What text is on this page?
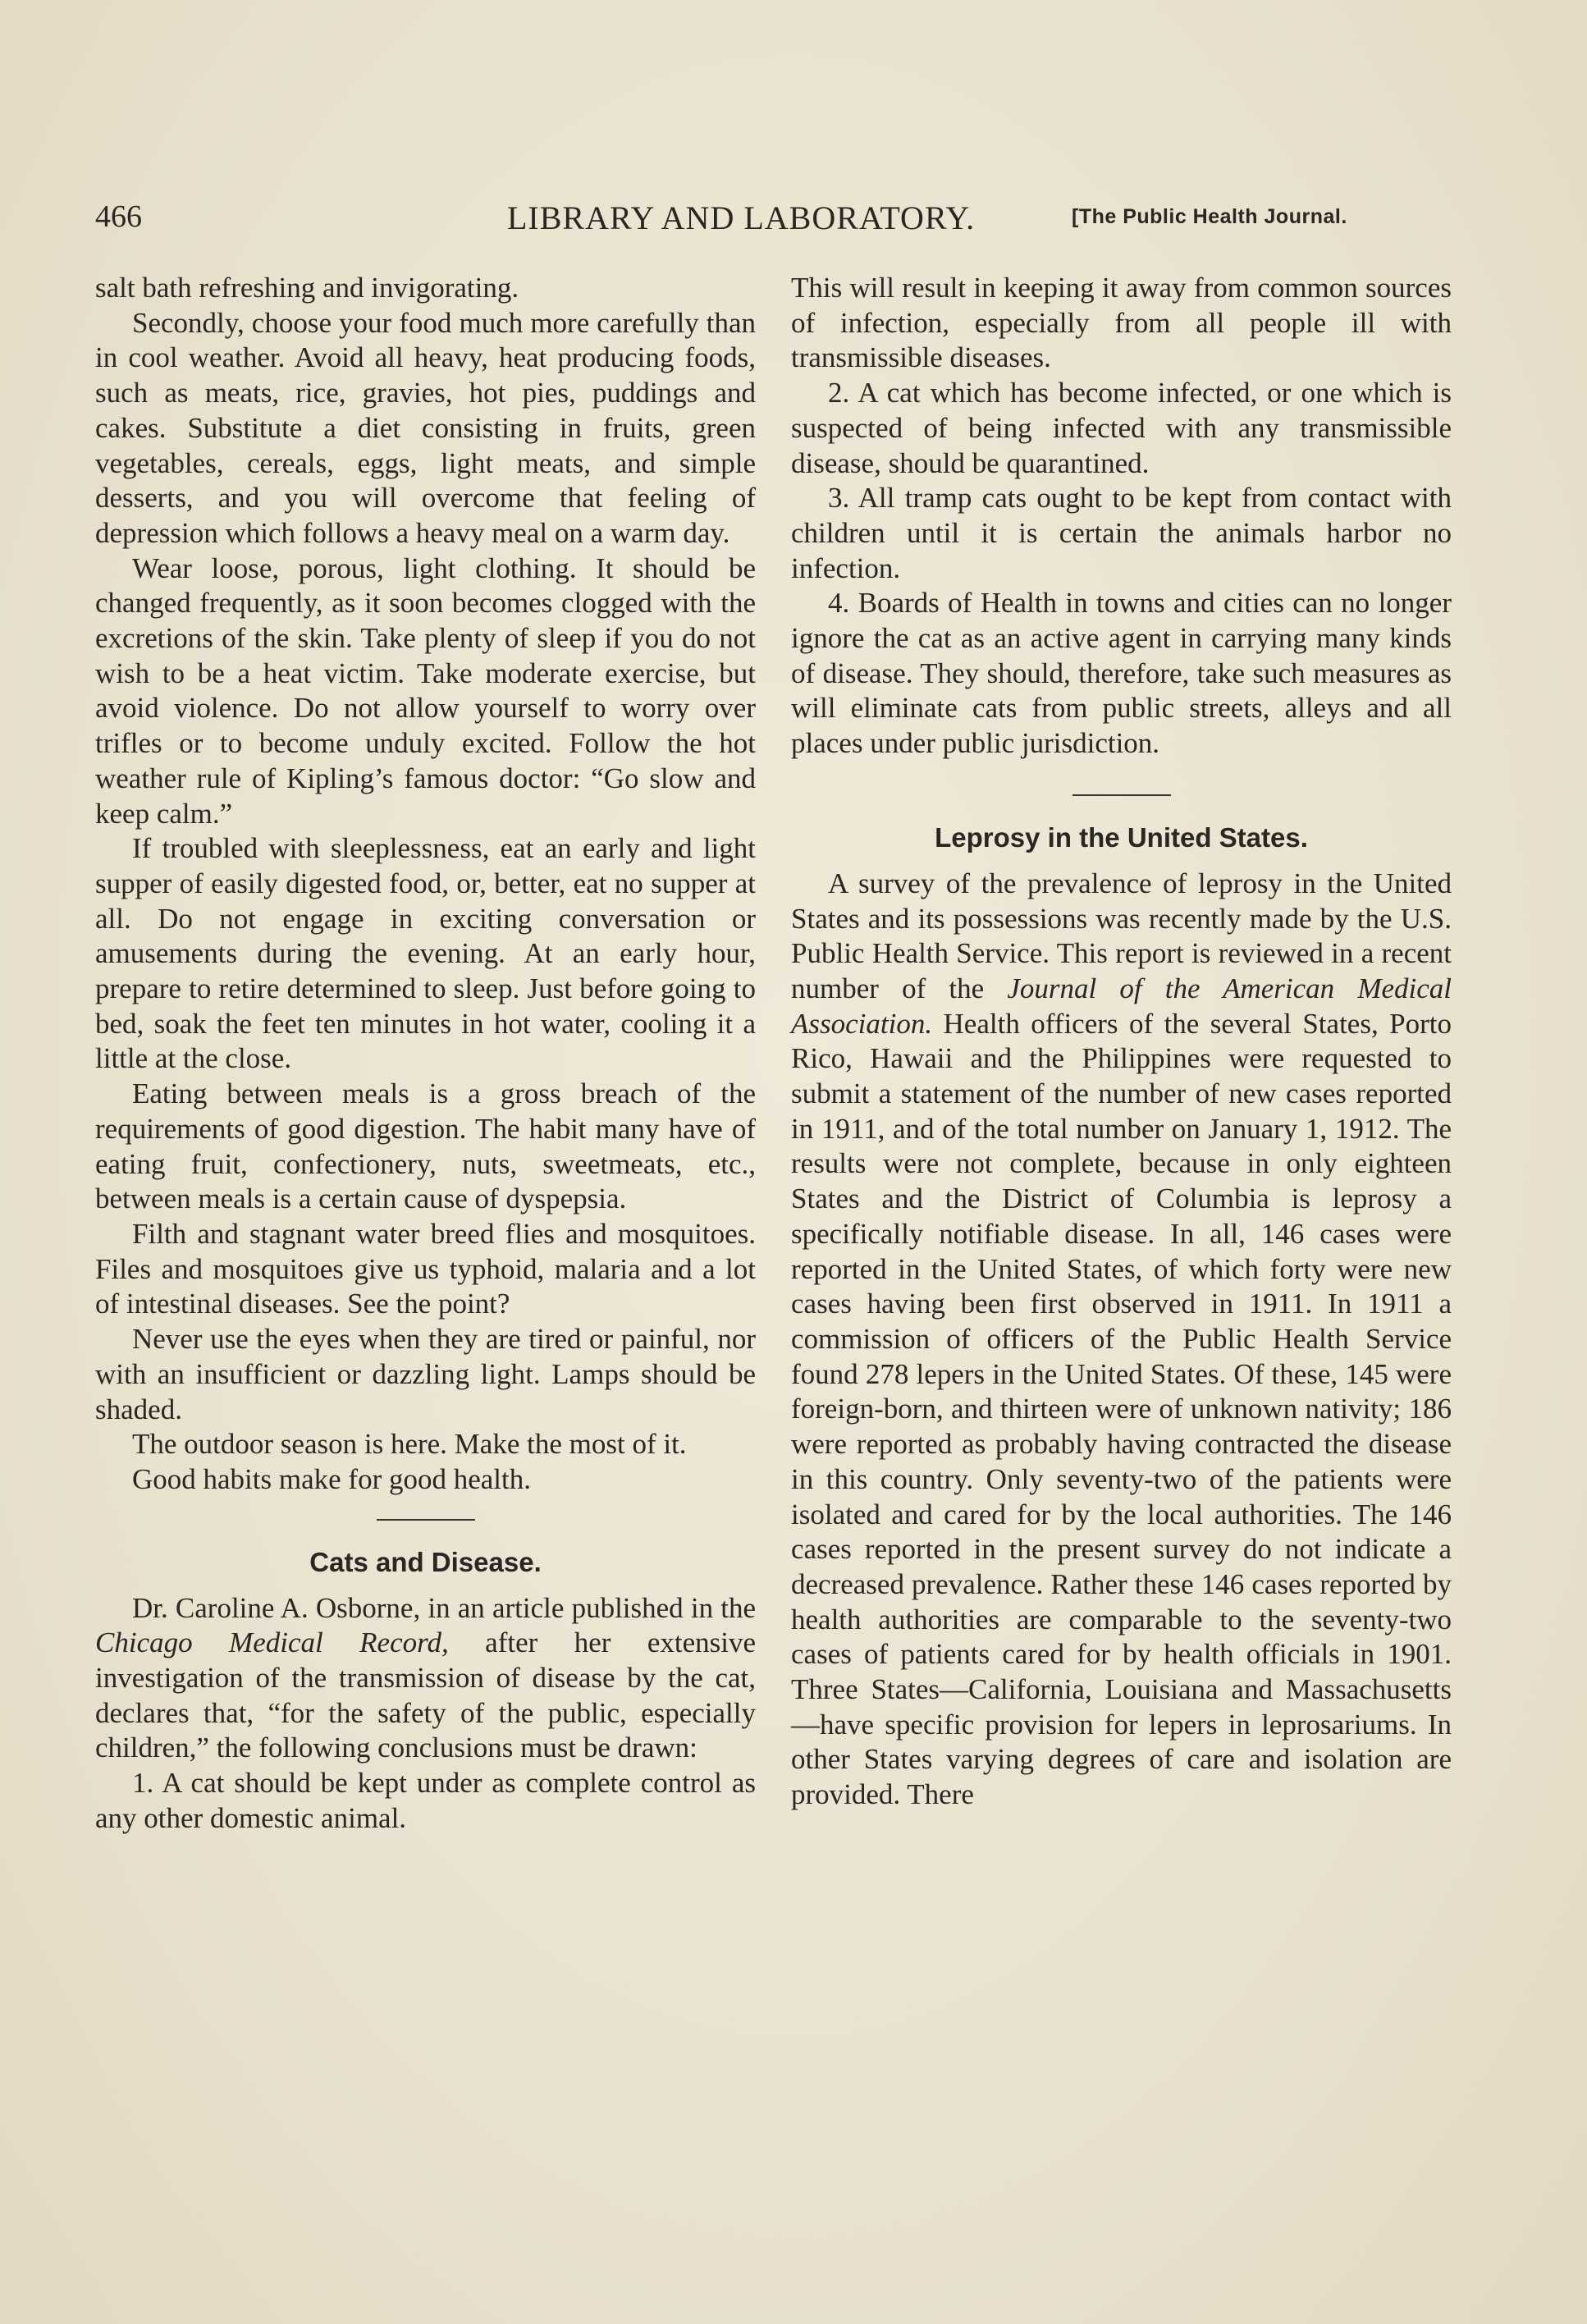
466	LIBRARY AND LABORATORY.	[The Public Health Journal.

salt bath refreshing and invigorating.

Secondly, choose your food much more carefully than in cool weather. Avoid all heavy, heat producing foods, such as meats, rice, gravies, hot pies, puddings and cakes. Substitute a diet consisting in fruits, green vegetables, cereals, eggs, light meats, and simple desserts, and you will overcome that feeling of depression which follows a heavy meal on a warm day.

Wear loose, porous, light clothing. It should be changed frequently, as it soon becomes clogged with the excretions of the skin. Take plenty of sleep if you do not wish to be a heat victim. Take moderate exercise, but avoid violence. Do not allow yourself to worry over trifles or to become unduly excited. Follow the hot weather rule of Kipling’s famous doctor: “Go slow and keep calm.”

If troubled with sleeplessness, eat an early and light supper of easily digested food, or, better, eat no supper at all. Do not engage in exciting conversation or amusements during the evening. At an early hour, prepare to retire determined to sleep. Just before going to bed, soak the feet ten minutes in hot water, cooling it a little at the close.

Eating between meals is a gross breach of the requirements of good digestion. The habit many have of eating fruit, confectionery, nuts, sweetmeats, etc., between meals is a certain cause of dyspepsia.

Filth and stagnant water breed flies and mosquitoes. Files and mosquitoes give us typhoid, malaria and a lot of intestinal diseases. See the point?

Never use the eyes when they are tired or painful, nor with an insufficient or dazzling light. Lamps should be shaded.

The outdoor season is here. Make the most of it.

Good habits make for good health.

Cats and Disease.

Dr. Caroline A. Osborne, in an article published in the Chicago Medical Record, after her extensive investigation of the transmission of disease by the cat, declares that, “for the safety of the public, especially children,” the following conclusions must be drawn:

1. A cat should be kept under as complete control as any other domestic animal.

This will result in keeping it away from common sources of infection, especially from all people ill with transmissible diseases.

2. A cat which has become infected, or one which is suspected of being infected with any transmissible disease, should be quarantined.

3. All tramp cats ought to be kept from contact with children until it is certain the animals harbor no infection.

4. Boards of Health in towns and cities can no longer ignore the cat as an active agent in carrying many kinds of disease. They should, therefore, take such measures as will eliminate cats from public streets, alleys and all places under public jurisdiction.

Leprosy in the United States.

A survey of the prevalence of leprosy in the United States and its possessions was recently made by the U.S. Public Health Service. This report is reviewed in a recent number of the Journal of the American Medical Association. Health officers of the several States, Porto Rico, Hawaii and the Philippines were requested to submit a statement of the number of new cases reported in 1911, and of the total number on January 1, 1912. The results were not complete, because in only eighteen States and the District of Columbia is leprosy a specifically notifiable disease. In all, 146 cases were reported in the United States, of which forty were new cases having been first observed in 1911. In 1911 a commission of officers of the Public Health Service found 278 lepers in the United States. Of these, 145 were foreign-born, and thirteen were of unknown nativity; 186 were reported as probably having contracted the disease in this country. Only seventy-two of the patients were isolated and cared for by the local authorities. The 146 cases reported in the present survey do not indicate a decreased prevalence. Rather these 146 cases reported by health authorities are comparable to the seventy-two cases of patients cared for by health officials in 1901. Three States—California, Louisiana and Massachusetts—have specific provision for lepers in leprosariums. In other States varying degrees of care and isolation are provided. There
